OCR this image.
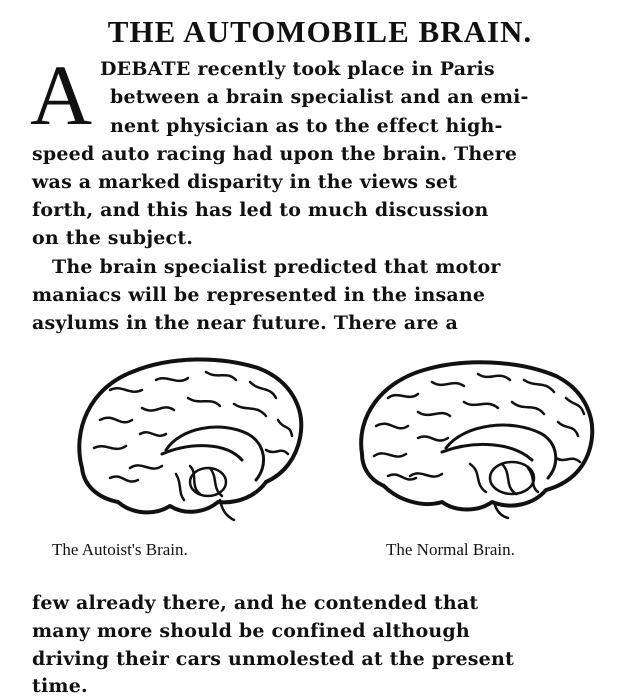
THE AUTOMOBILE BRAIN.
A DEBATE recently took place in Paris
between a brain specialist and an emi-
nent physician as to the effect high-
speed auto racing had upon the brain. There
was a marked disparity in the views set
forth, and this has led to much discussion
on the subject.
The brain specialist predicted that motor
maniacs will be represented in the insane
asylums in the near future. There are a
The Autoist's Brain.	The Normal Brain.
few already there, and he contended that
many more should be confined although
driving their cars unmolested at the present
time.
